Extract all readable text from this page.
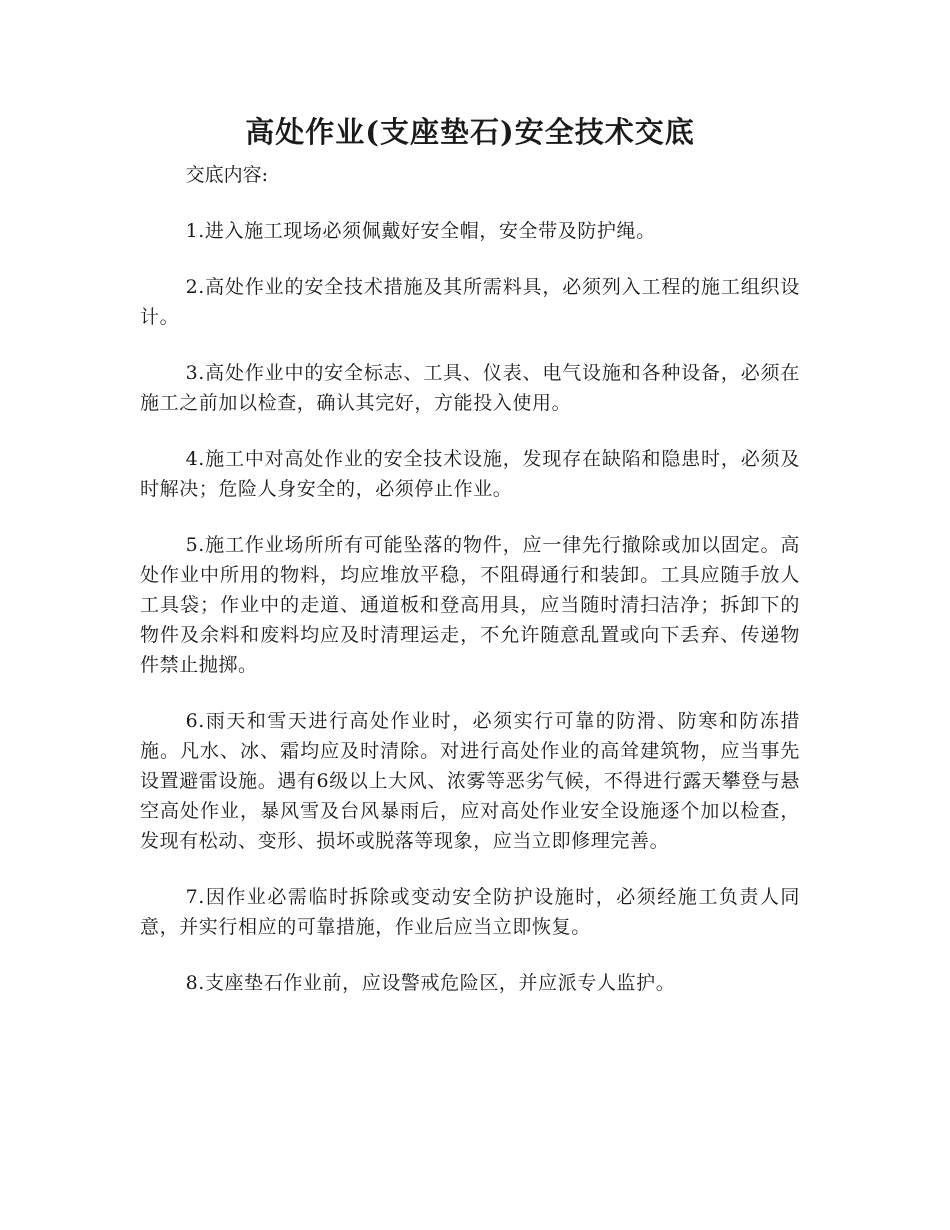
高处作业(支座垫石)安全技术交底

交底内容:

1.进入施工现场必须佩戴好安全帽，安全带及防护绳。

2.高处作业的安全技术措施及其所需料具，必须列入工程的施工组织设计。

3.高处作业中的安全标志、工具、仪表、电气设施和各种设备，必须在施工之前加以检查，确认其完好，方能投入使用。

4.施工中对高处作业的安全技术设施，发现存在缺陷和隐患时，必须及时解决；危险人身安全的，必须停止作业。

5.施工作业场所所有可能坠落的物件，应一律先行撤除或加以固定。高处作业中所用的物料，均应堆放平稳，不阻碍通行和装卸。工具应随手放人工具袋；作业中的走道、通道板和登高用具，应当随时清扫洁净；拆卸下的物件及余料和废料均应及时清理运走，不允许随意乱置或向下丢弃、传递物件禁止抛掷。

6.雨天和雪天进行高处作业时，必须实行可靠的防滑、防寒和防冻措施。凡水、冰、霜均应及时清除。对进行高处作业的高耸建筑物，应当事先设置避雷设施。遇有6级以上大风、浓雾等恶劣气候，不得进行露天攀登与悬空高处作业，暴风雪及台风暴雨后，应对高处作业安全设施逐个加以检查，发现有松动、变形、损坏或脱落等现象，应当立即修理完善。

7.因作业必需临时拆除或变动安全防护设施时，必须经施工负责人同意，并实行相应的可靠措施，作业后应当立即恢复。

8.支座垫石作业前，应设警戒危险区，并应派专人监护。
